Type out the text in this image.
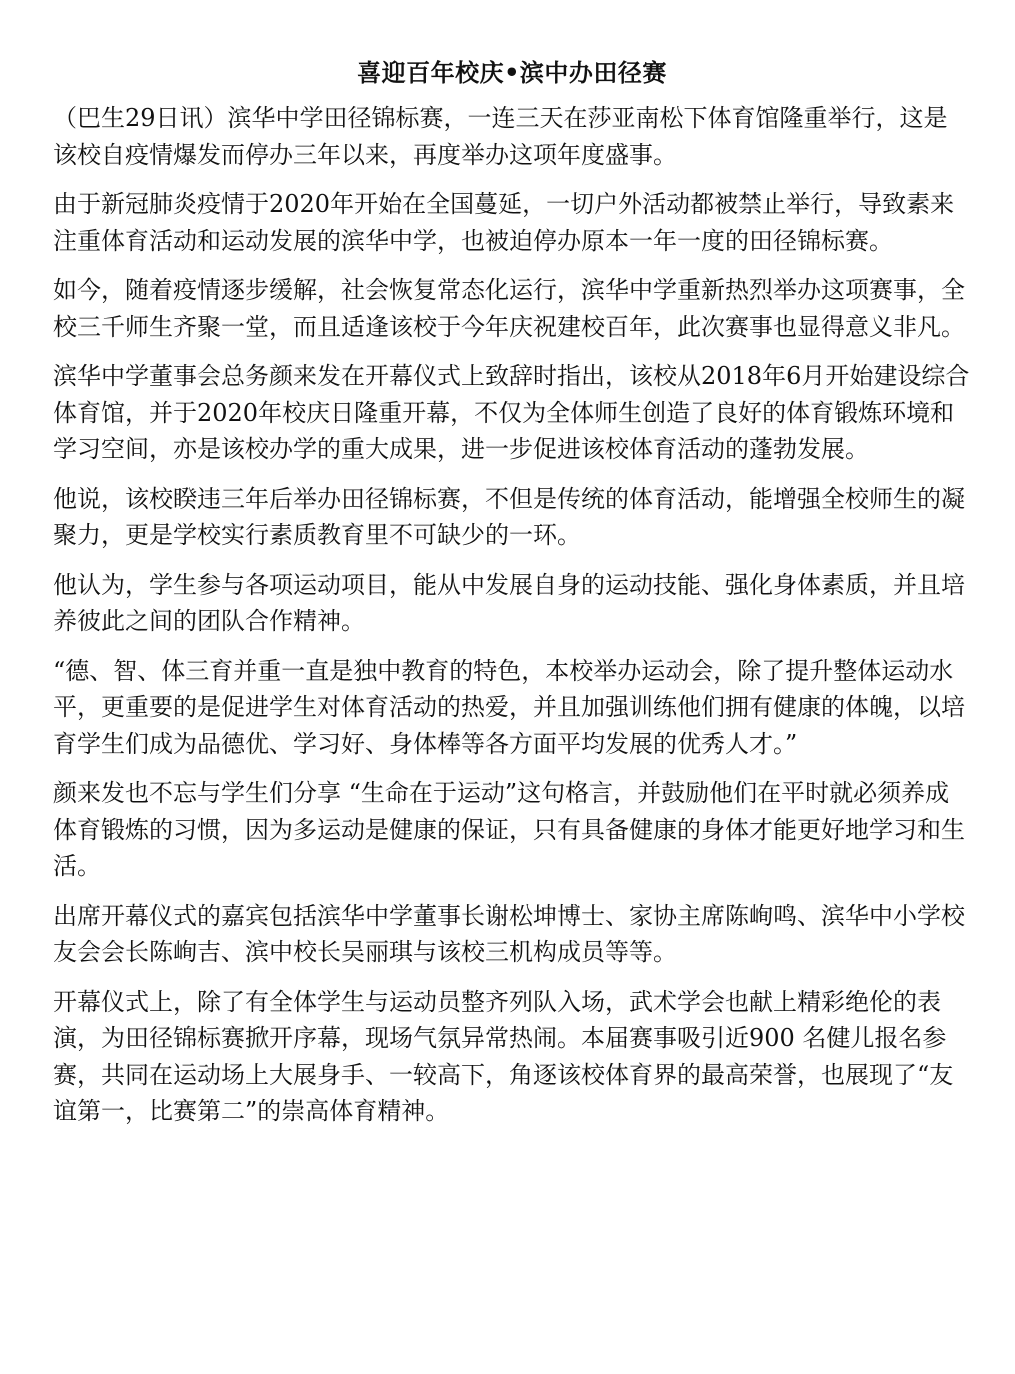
喜迎百年校庆•滨中办田径赛

（巴生29日讯）滨华中学田径锦标赛，一连三天在莎亚南松下体育馆隆重举行，这是该校自疫情爆发而停办三年以来，再度举办这项年度盛事。

由于新冠肺炎疫情于2020年开始在全国蔓延，一切户外活动都被禁止举行，导致素来注重体育活动和运动发展的滨华中学，也被迫停办原本一年一度的田径锦标赛。

如今，随着疫情逐步缓解，社会恢复常态化运行，滨华中学重新热烈举办这项赛事，全校三千师生齐聚一堂，而且适逢该校于今年庆祝建校百年，此次赛事也显得意义非凡。

滨华中学董事会总务颜来发在开幕仪式上致辞时指出，该校从2018年6月开始建设综合体育馆，并于2020年校庆日隆重开幕，不仅为全体师生创造了良好的体育锻炼环境和学习空间，亦是该校办学的重大成果，进一步促进该校体育活动的蓬勃发展。

他说，该校睽违三年后举办田径锦标赛，不但是传统的体育活动，能增强全校师生的凝聚力，更是学校实行素质教育里不可缺少的一环。

他认为，学生参与各项运动项目，能从中发展自身的运动技能、强化身体素质，并且培养彼此之间的团队合作精神。

“德、智、体三育并重一直是独中教育的特色，本校举办运动会，除了提升整体运动水平，更重要的是促进学生对体育活动的热爱，并且加强训练他们拥有健康的体魄，以培育学生们成为品德优、学习好、身体棒等各方面平均发展的优秀人才。”

颜来发也不忘与学生们分享 “生命在于运动”这句格言，并鼓励他们在平时就必须养成体育锻炼的习惯，因为多运动是健康的保证，只有具备健康的身体才能更好地学习和生活。

出席开幕仪式的嘉宾包括滨华中学董事长谢松坤博士、家协主席陈峋鸣、滨华中小学校友会会长陈峋吉、滨中校长吴丽琪与该校三机构成员等等。

开幕仪式上，除了有全体学生与运动员整齐列队入场，武术学会也献上精彩绝伦的表演，为田径锦标赛掀开序幕，现场气氛异常热闹。本届赛事吸引近900 名健儿报名参赛，共同在运动场上大展身手、一较高下，角逐该校体育界的最高荣誉，也展现了“友谊第一，比赛第二”的崇高体育精神。
